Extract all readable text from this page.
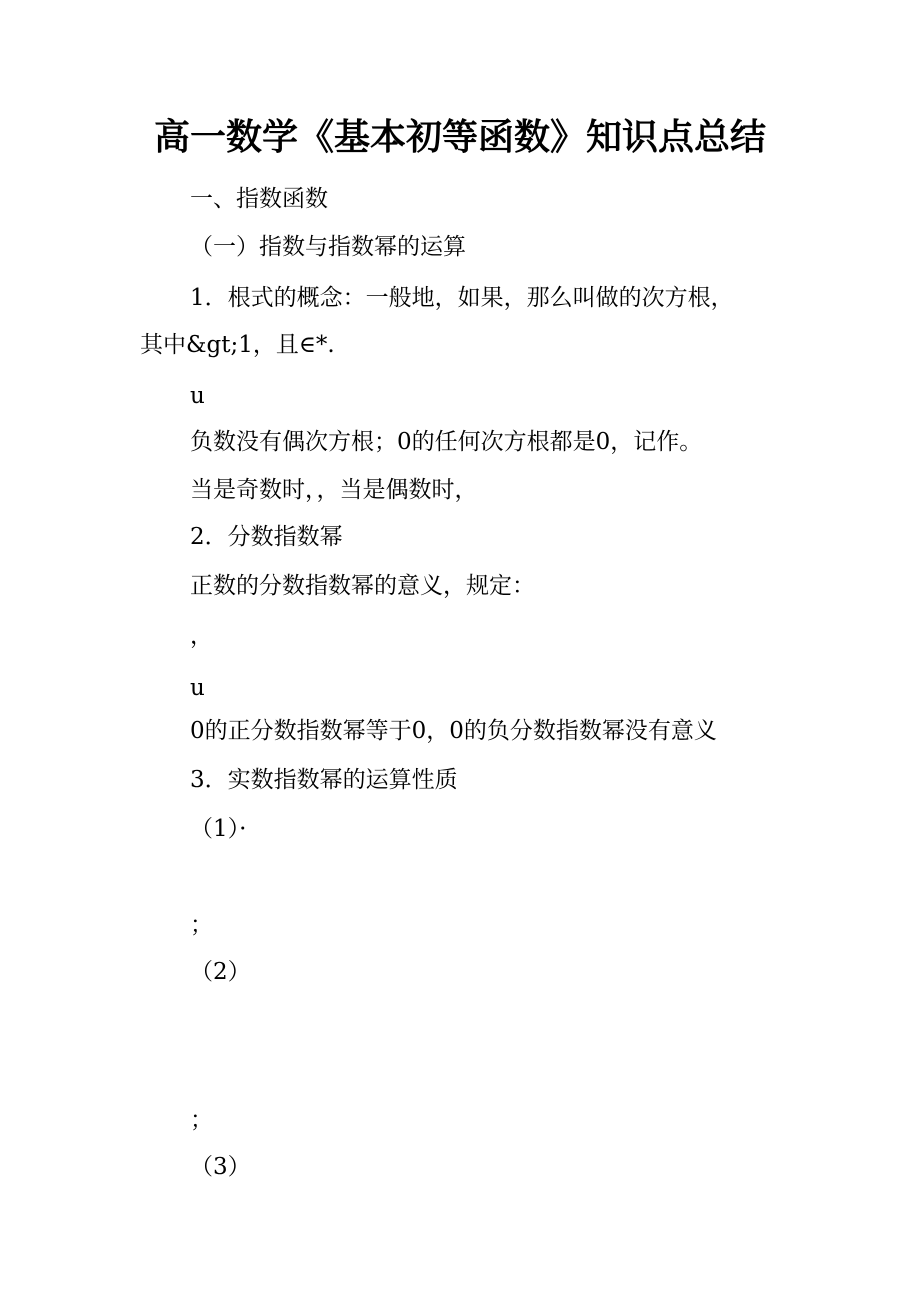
高一数学《基本初等函数》知识点总结
一、指数函数
（一）指数与指数幂的运算
1．根式的概念：一般地，如果，那么叫做的次方根，
其中&gt;1，且∈*.
u
负数没有偶次方根；0的任何次方根都是0，记作。
当是奇数时，，当是偶数时，
2．分数指数幂
正数的分数指数幂的意义，规定：
，
u
0的正分数指数幂等于0，0的负分数指数幂没有意义
3．实数指数幂的运算性质
（1）·
；
（2）
；
（3）
